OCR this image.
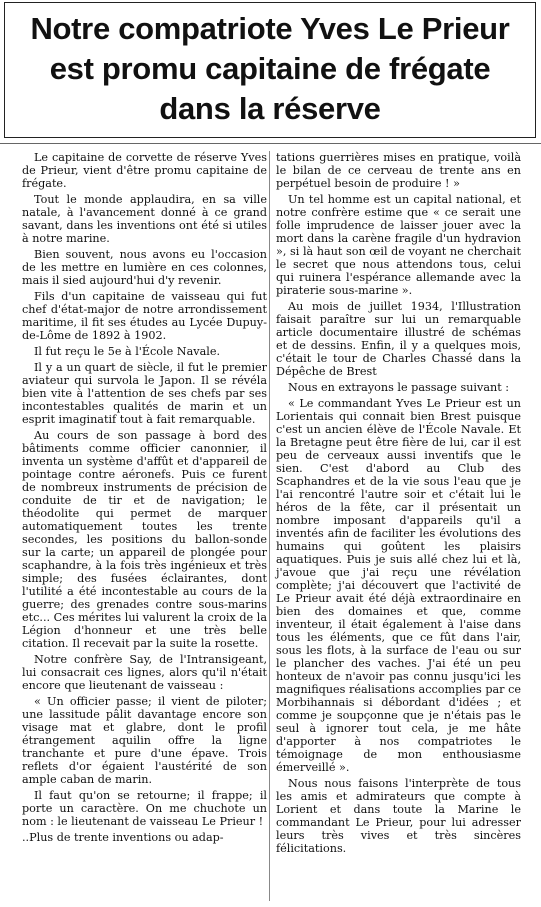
Notre compatriote Yves Le Prieur
est promu capitaine de frégate
dans la réserve

Le capitaine de corvette de réserve Yves de Prieur, vient d'être promu capitaine de frégate.

Tout le monde applaudira, en sa ville natale, à l'avancement donné à ce grand savant, dans les inventions ont été si utiles à notre marine.

Bien souvent, nous avons eu l'occasion de les mettre en lumière en ces colonnes, mais il sied aujourd'hui d'y revenir.

Fils d'un capitaine de vaisseau qui fut chef d'état-major de notre arrondissement maritime, il fit ses études au Lycée Dupuy-de-Lôme de 1892 à 1902.

Il fut reçu le 5e à l'École Navale.

Il y a un quart de siècle, il fut le premier aviateur qui survola le Japon. Il se révéla bien vite à l'attention de ses chefs par ses incontestables qualités de marin et un esprit imaginatif tout à fait remarquable.

Au cours de son passage à bord des bâtiments comme officier canonnier, il inventa un système d'affût et d'appareil de pointage contre aéronefs. Puis ce furent de nombreux instruments de précision de conduite de tir et de navigation; le théodolite qui permet de marquer automatiquement toutes les trente secondes, les positions du ballon-sonde sur la carte; un appareil de plongée pour scaphandre, à la fois très ingénieux et très simple; des fusées éclairantes, dont l'utilité a été incontestable au cours de la guerre; des grenades contre sous-marins etc... Ces mérites lui valurent la croix de la Légion d'honneur et une très belle citation. Il recevait par la suite la rosette.

Notre confrère Say, de l'Intransigeant, lui consacrait ces lignes, alors qu'il n'était encore que lieutenant de vaisseau :

« Un officier passe; il vient de piloter; une lassitude pâlit davantage encore son visage mat et glabre, dont le profil étrangement aquilin offre la ligne tranchante et pure d'une épave. Trois reflets d'or égaient l'austérité de son ample caban de marin.

Il faut qu'on se retourne; il frappe; il porte un caractère. On me chuchote un nom : le lieutenant de vaisseau Le Prieur !

..Plus de trente inventions ou adap-

tations guerrières mises en pratique, voilà le bilan de ce cerveau de trente ans en perpétuel besoin de produire ! »

Un tel homme est un capital national, et notre confrère estime que « ce serait une folle imprudence de laisser jouer avec la mort dans la carène fragile d'un hydravion », si là haut son œil de voyant ne cherchait le secret que nous attendons tous, celui qui ruinera l'espérance allemande avec la piraterie sous-marine ».

Au mois de juillet 1934, l'Illustration faisait paraître sur lui un remarquable article documentaire illustré de schémas et de dessins. Enfin, il y a quelques mois, c'était le tour de Charles Chassé dans la Dépêche de Brest

Nous en extrayons le passage suivant :

« Le commandant Yves Le Prieur est un Lorientais qui connait bien Brest puisque c'est un ancien élève de l'École Navale. Et la Bretagne peut être fière de lui, car il est peu de cerveaux aussi inventifs que le sien. C'est d'abord au Club des Scaphandres et de la vie sous l'eau que je l'ai rencontré l'autre soir et c'était lui le héros de la fête, car il présentait un nombre imposant d'appareils qu'il a inventés afin de faciliter les évolutions des humains qui goûtent les plaisirs aquatiques. Puis je suis allé chez lui et là, j'avoue que j'ai reçu une révélation complète; j'ai découvert que l'activité de Le Prieur avait été déjà extraordinaire en bien des domaines et que, comme inventeur, il était également à l'aise dans tous les éléments, que ce fût dans l'air, sous les flots, à la surface de l'eau ou sur le plancher des vaches. J'ai été un peu honteux de n'avoir pas connu jusqu'ici les magnifiques réalisations accomplies par ce Morbihannais si débordant d'idées ; et comme je soupçonne que je n'étais pas le seul à ignorer tout cela, je me hâte d'apporter à nos compatriotes le témoignage de mon enthousiasme émerveillé ».

Nous nous faisons l'interprète de tous les amis et admirateurs que compte à Lorient et dans toute la Marine le commandant Le Prieur, pour lui adresser leurs très vives et très sincères félicitations.
